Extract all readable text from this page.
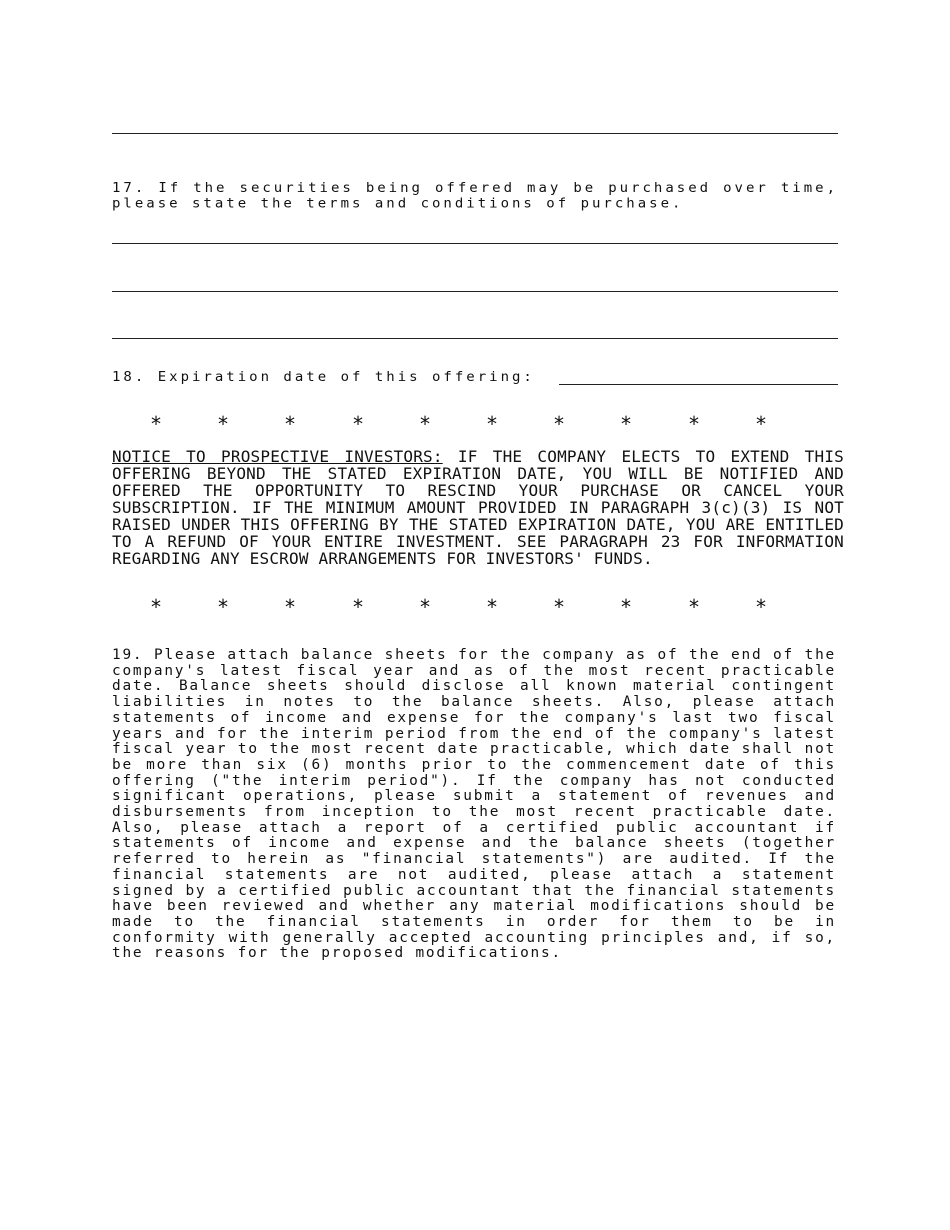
17. If the securities being offered may be purchased over time, please state the terms and conditions of purchase.
18. Expiration date of this offering:
*	*	*	*	*	*	*	*	*	*
NOTICE TO PROSPECTIVE INVESTORS: IF THE COMPANY ELECTS TO EXTEND THIS OFFERING BEYOND THE STATED EXPIRATION DATE, YOU WILL BE NOTIFIED AND OFFERED THE OPPORTUNITY TO RESCIND YOUR PURCHASE OR CANCEL YOUR SUBSCRIPTION. IF THE MINIMUM AMOUNT PROVIDED IN PARAGRAPH 3(c)(3) IS NOT RAISED UNDER THIS OFFERING BY THE STATED EXPIRATION DATE, YOU ARE ENTITLED TO A REFUND OF YOUR ENTIRE INVESTMENT. SEE PARAGRAPH 23 FOR INFORMATION REGARDING ANY ESCROW ARRANGEMENTS FOR INVESTORS' FUNDS.
*	*	*	*	*	*	*	*	*	*
19. Please attach balance sheets for the company as of the end of the company's latest fiscal year and as of the most recent practicable date. Balance sheets should disclose all known material contingent liabilities in notes to the balance sheets. Also, please attach statements of income and expense for the company's last two fiscal years and for the interim period from the end of the company's latest fiscal year to the most recent date practicable, which date shall not be more than six (6) months prior to the commencement date of this offering ("the interim period"). If the company has not conducted significant operations, please submit a statement of revenues and disbursements from inception to the most recent practicable date. Also, please attach a report of a certified public accountant if statements of income and expense and the balance sheets (together referred to herein as "financial statements") are audited. If the financial statements are not audited, please attach a statement signed by a certified public accountant that the financial statements have been reviewed and whether any material modifications should be made to the financial statements in order for them to be in conformity with generally accepted accounting principles and, if so, the reasons for the proposed modifications.
